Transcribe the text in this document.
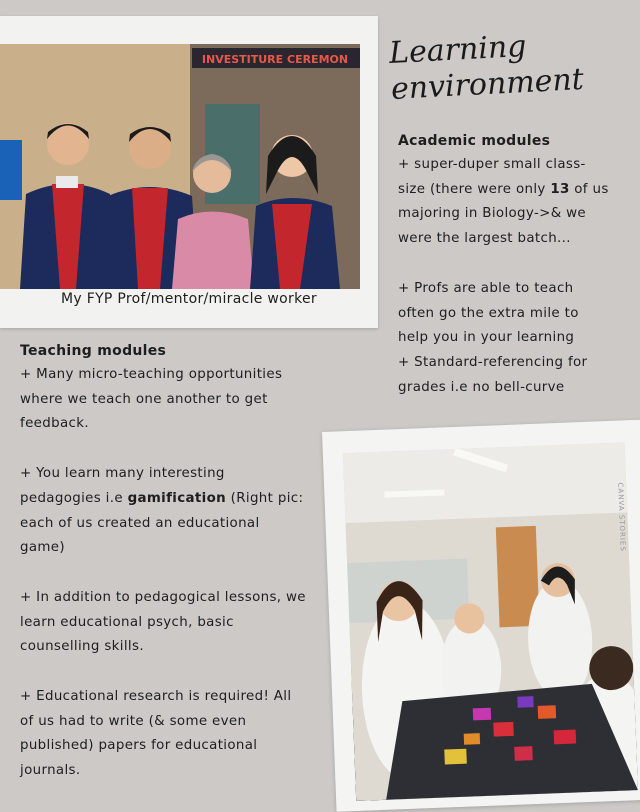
INVESTITURE CEREMON
My FYP Prof/mentor/miracle worker
Learning
environment
Academic modules
+ super-duper small class-
size (there were only 13 of us
majoring in Biology->& we
were the largest batch...
+ Profs are able to teach
often go the extra mile to
help you in your learning
+ Standard-referencing for
grades i.e no bell-curve
Teaching modules
+ Many micro-teaching opportunities
where we teach one another to get
feedback.
+ You learn many interesting
pedagogies i.e gamification (Right pic:
each of us created an educational
game)
+ In addition to pedagogical lessons, we
learn educational psych, basic
counselling skills.
+ Educational research is required! All
of us had to write (& some even
published) papers for educational
journals.
CANVA STORIES
